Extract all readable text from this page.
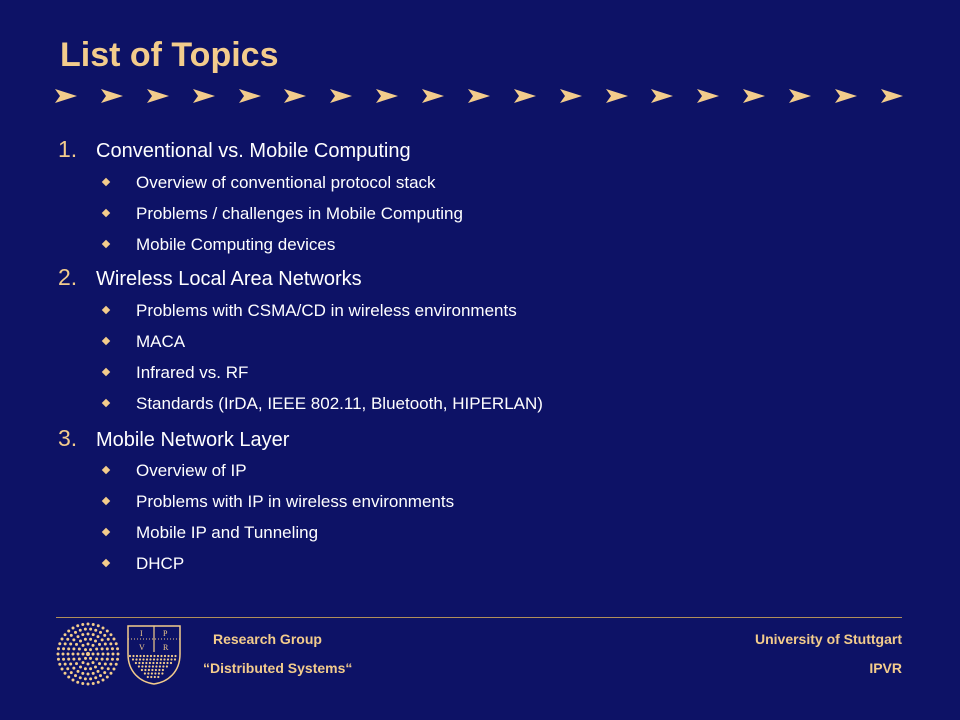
List of Topics
1. Conventional vs. Mobile Computing
Overview of conventional protocol stack
Problems / challenges in Mobile Computing
Mobile Computing devices
2. Wireless Local Area Networks
Problems with CSMA/CD in wireless environments
MACA
Infrared vs. RF
Standards (IrDA, IEEE 802.11, Bluetooth, HIPERLAN)
3. Mobile Network Layer
Overview of IP
Problems with IP in wireless environments
Mobile IP and Tunneling
DHCP
I	P
V R
Research Group
“Distributed Systems“
University of Stuttgart
IPVR
